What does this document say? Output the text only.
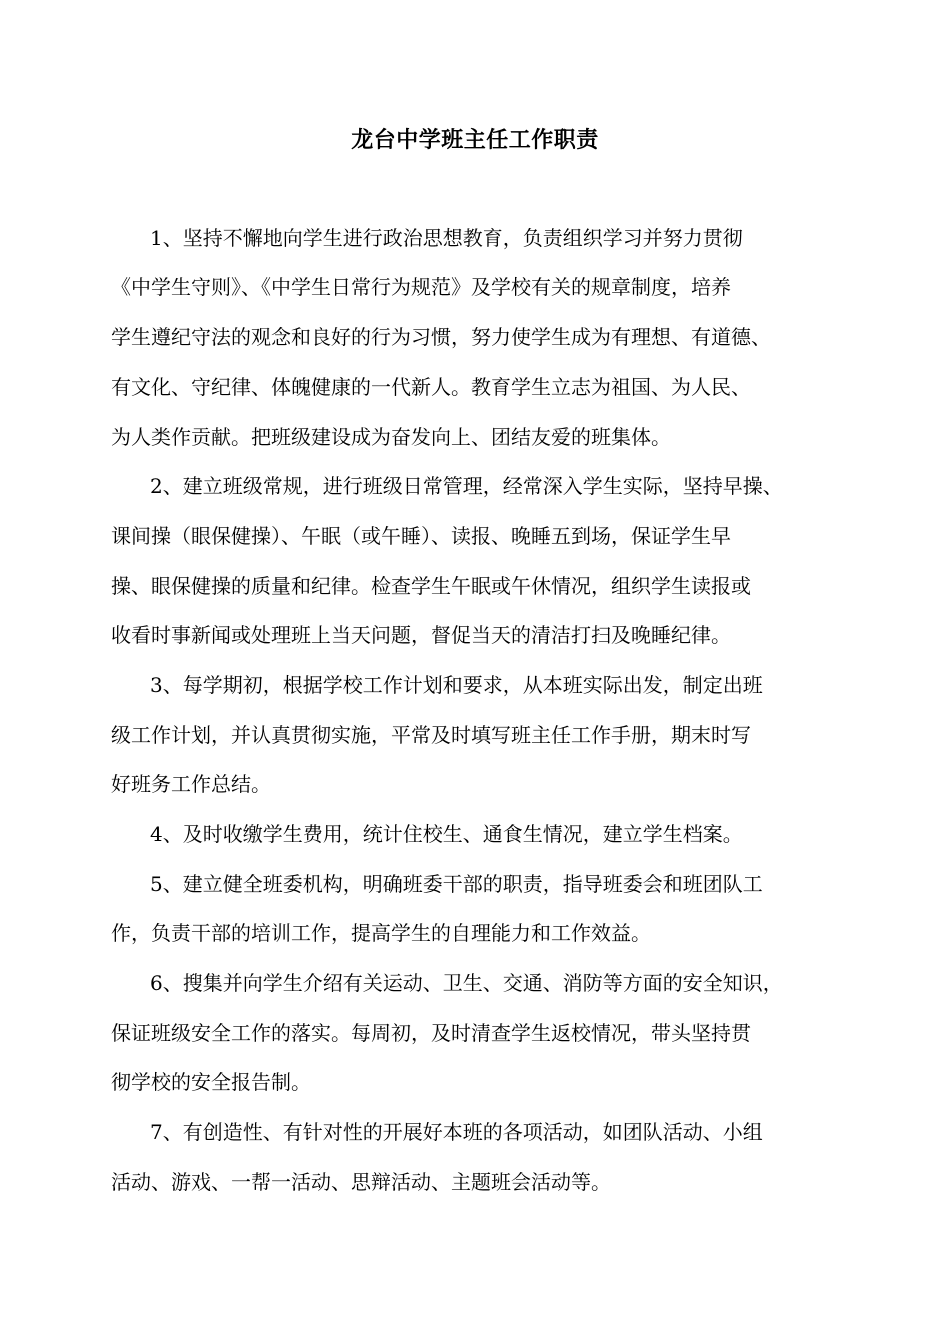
龙台中学班主任工作职责
1、坚持不懈地向学生进行政治思想教育，负责组织学习并努力贯彻
《中学生守则》、《中学生日常行为规范》及学校有关的规章制度，培养
学生遵纪守法的观念和良好的行为习惯，努力使学生成为有理想、有道德、
有文化、守纪律、体魄健康的一代新人。教育学生立志为祖国、为人民、
为人类作贡献。把班级建设成为奋发向上、团结友爱的班集体。
2、建立班级常规，进行班级日常管理，经常深入学生实际，坚持早操、
课间操（眼保健操）、午眠（或午睡）、读报、晚睡五到场，保证学生早
操、眼保健操的质量和纪律。检查学生午眠或午休情况，组织学生读报或
收看时事新闻或处理班上当天问题，督促当天的清洁打扫及晚睡纪律。
3、每学期初，根据学校工作计划和要求，从本班实际出发，制定出班
级工作计划，并认真贯彻实施，平常及时填写班主任工作手册，期末时写
好班务工作总结。
4、及时收缴学生费用，统计住校生、通食生情况，建立学生档案。
5、建立健全班委机构，明确班委干部的职责，指导班委会和班团队工
作，负责干部的培训工作，提高学生的自理能力和工作效益。
6、搜集并向学生介绍有关运动、卫生、交通、消防等方面的安全知识，
保证班级安全工作的落实。每周初，及时清查学生返校情况，带头坚持贯
彻学校的安全报告制。
7、有创造性、有针对性的开展好本班的各项活动，如团队活动、小组
活动、游戏、一帮一活动、思辩活动、主题班会活动等。
